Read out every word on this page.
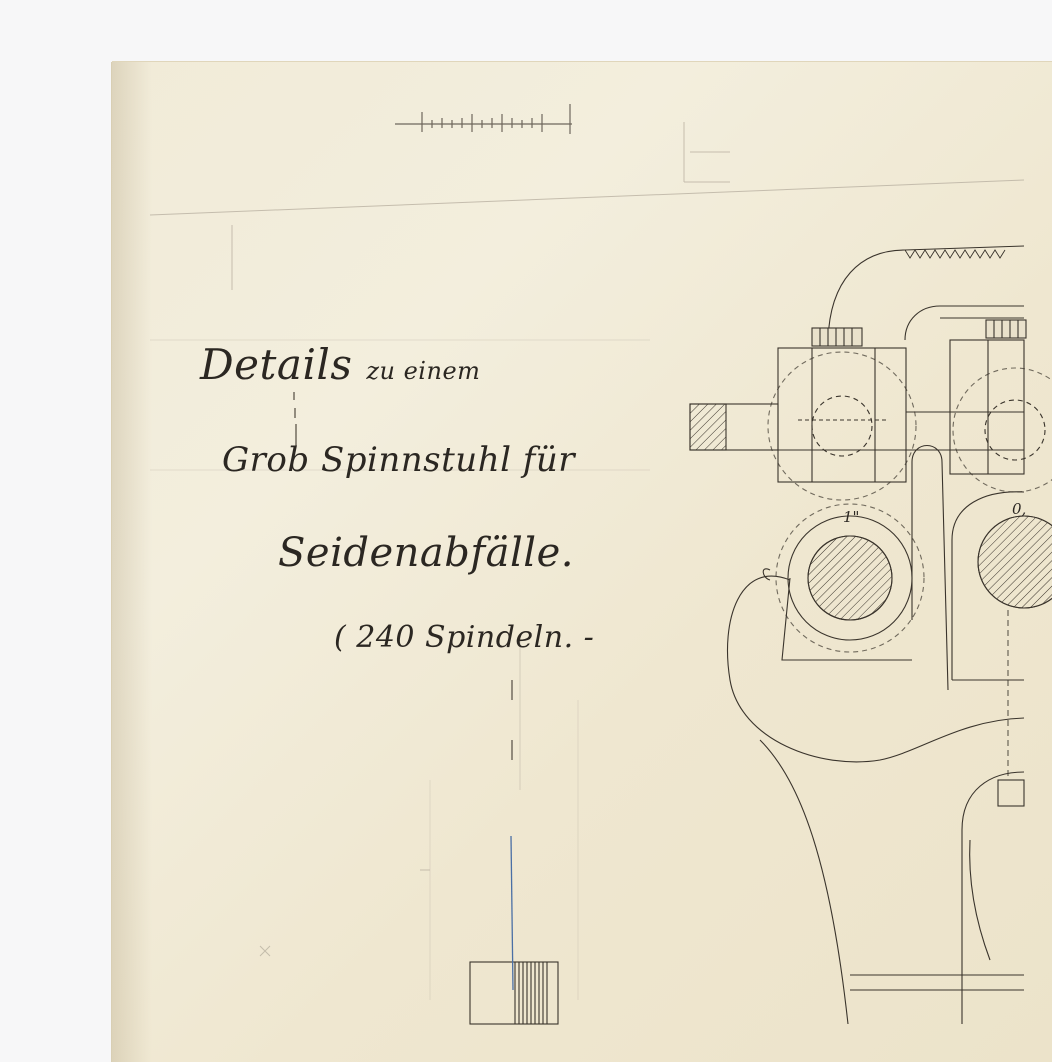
1"	0,
Details zu einem
Grob Spinnstuhl für
Seidenabfälle.
( 240 Spindeln. -
